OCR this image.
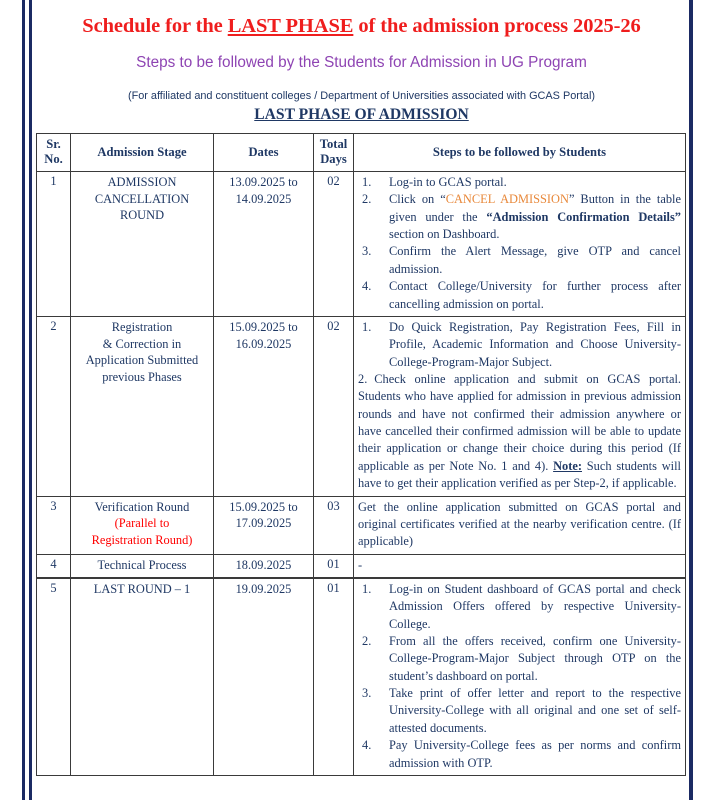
Schedule for the LAST PHASE of the admission process 2025-26

Steps to be followed by the Students for Admission in UG Program

(For affiliated and constituent colleges / Department of Universities associated with GCAS Portal)

LAST PHASE OF ADMISSION

Sr.
No.	Admission Stage	Dates	Total
Days	Steps to be followed by Students
1	ADMISSION
CANCELLATION
ROUND	13.09.2025 to
14.09.2025	02	1.	Log-in to GCAS portal.
2.	Click on “CANCEL ADMISSION” Button in the table given under the “Admission Confirmation Details” section on Dashboard.
3.	Confirm the Alert Message, give OTP and cancel admission.
4.	Contact College/University for further process after cancelling admission on portal.

2	Registration
& Correction in
Application Submitted
previous Phases	15.09.2025 to
16.09.2025	02	1.	Do Quick Registration, Pay Registration Fees, Fill in Profile, Academic Information and Choose University-College-Program-Major Subject.
2. Check online application and submit on GCAS portal. Students who have applied for admission in previous admission rounds and have not confirmed their admission anywhere or have cancelled their confirmed admission will be able to update their application or change their choice during this period (If applicable as per Note No. 1 and 4). Note: Such students will have to get their application verified as per Step-2, if applicable.

3	Verification Round
(Parallel to
Registration Round)	15.09.2025 to
17.09.2025	03	Get the online application submitted on GCAS portal and original certificates verified at the nearby verification centre. (If applicable)

4	Technical Process	18.09.2025	01	-

5	LAST ROUND – 1	19.09.2025	01	1.	Log-in on Student dashboard of GCAS portal and check Admission Offers offered by respective University-College.
2.	From all the offers received, confirm one University-College-Program-Major Subject through OTP on the student’s dashboard on portal.
3.	Take print of offer letter and report to the respective University-College with all original and one set of self-attested documents.
4.	Pay University-College fees as per norms and confirm admission with OTP.
